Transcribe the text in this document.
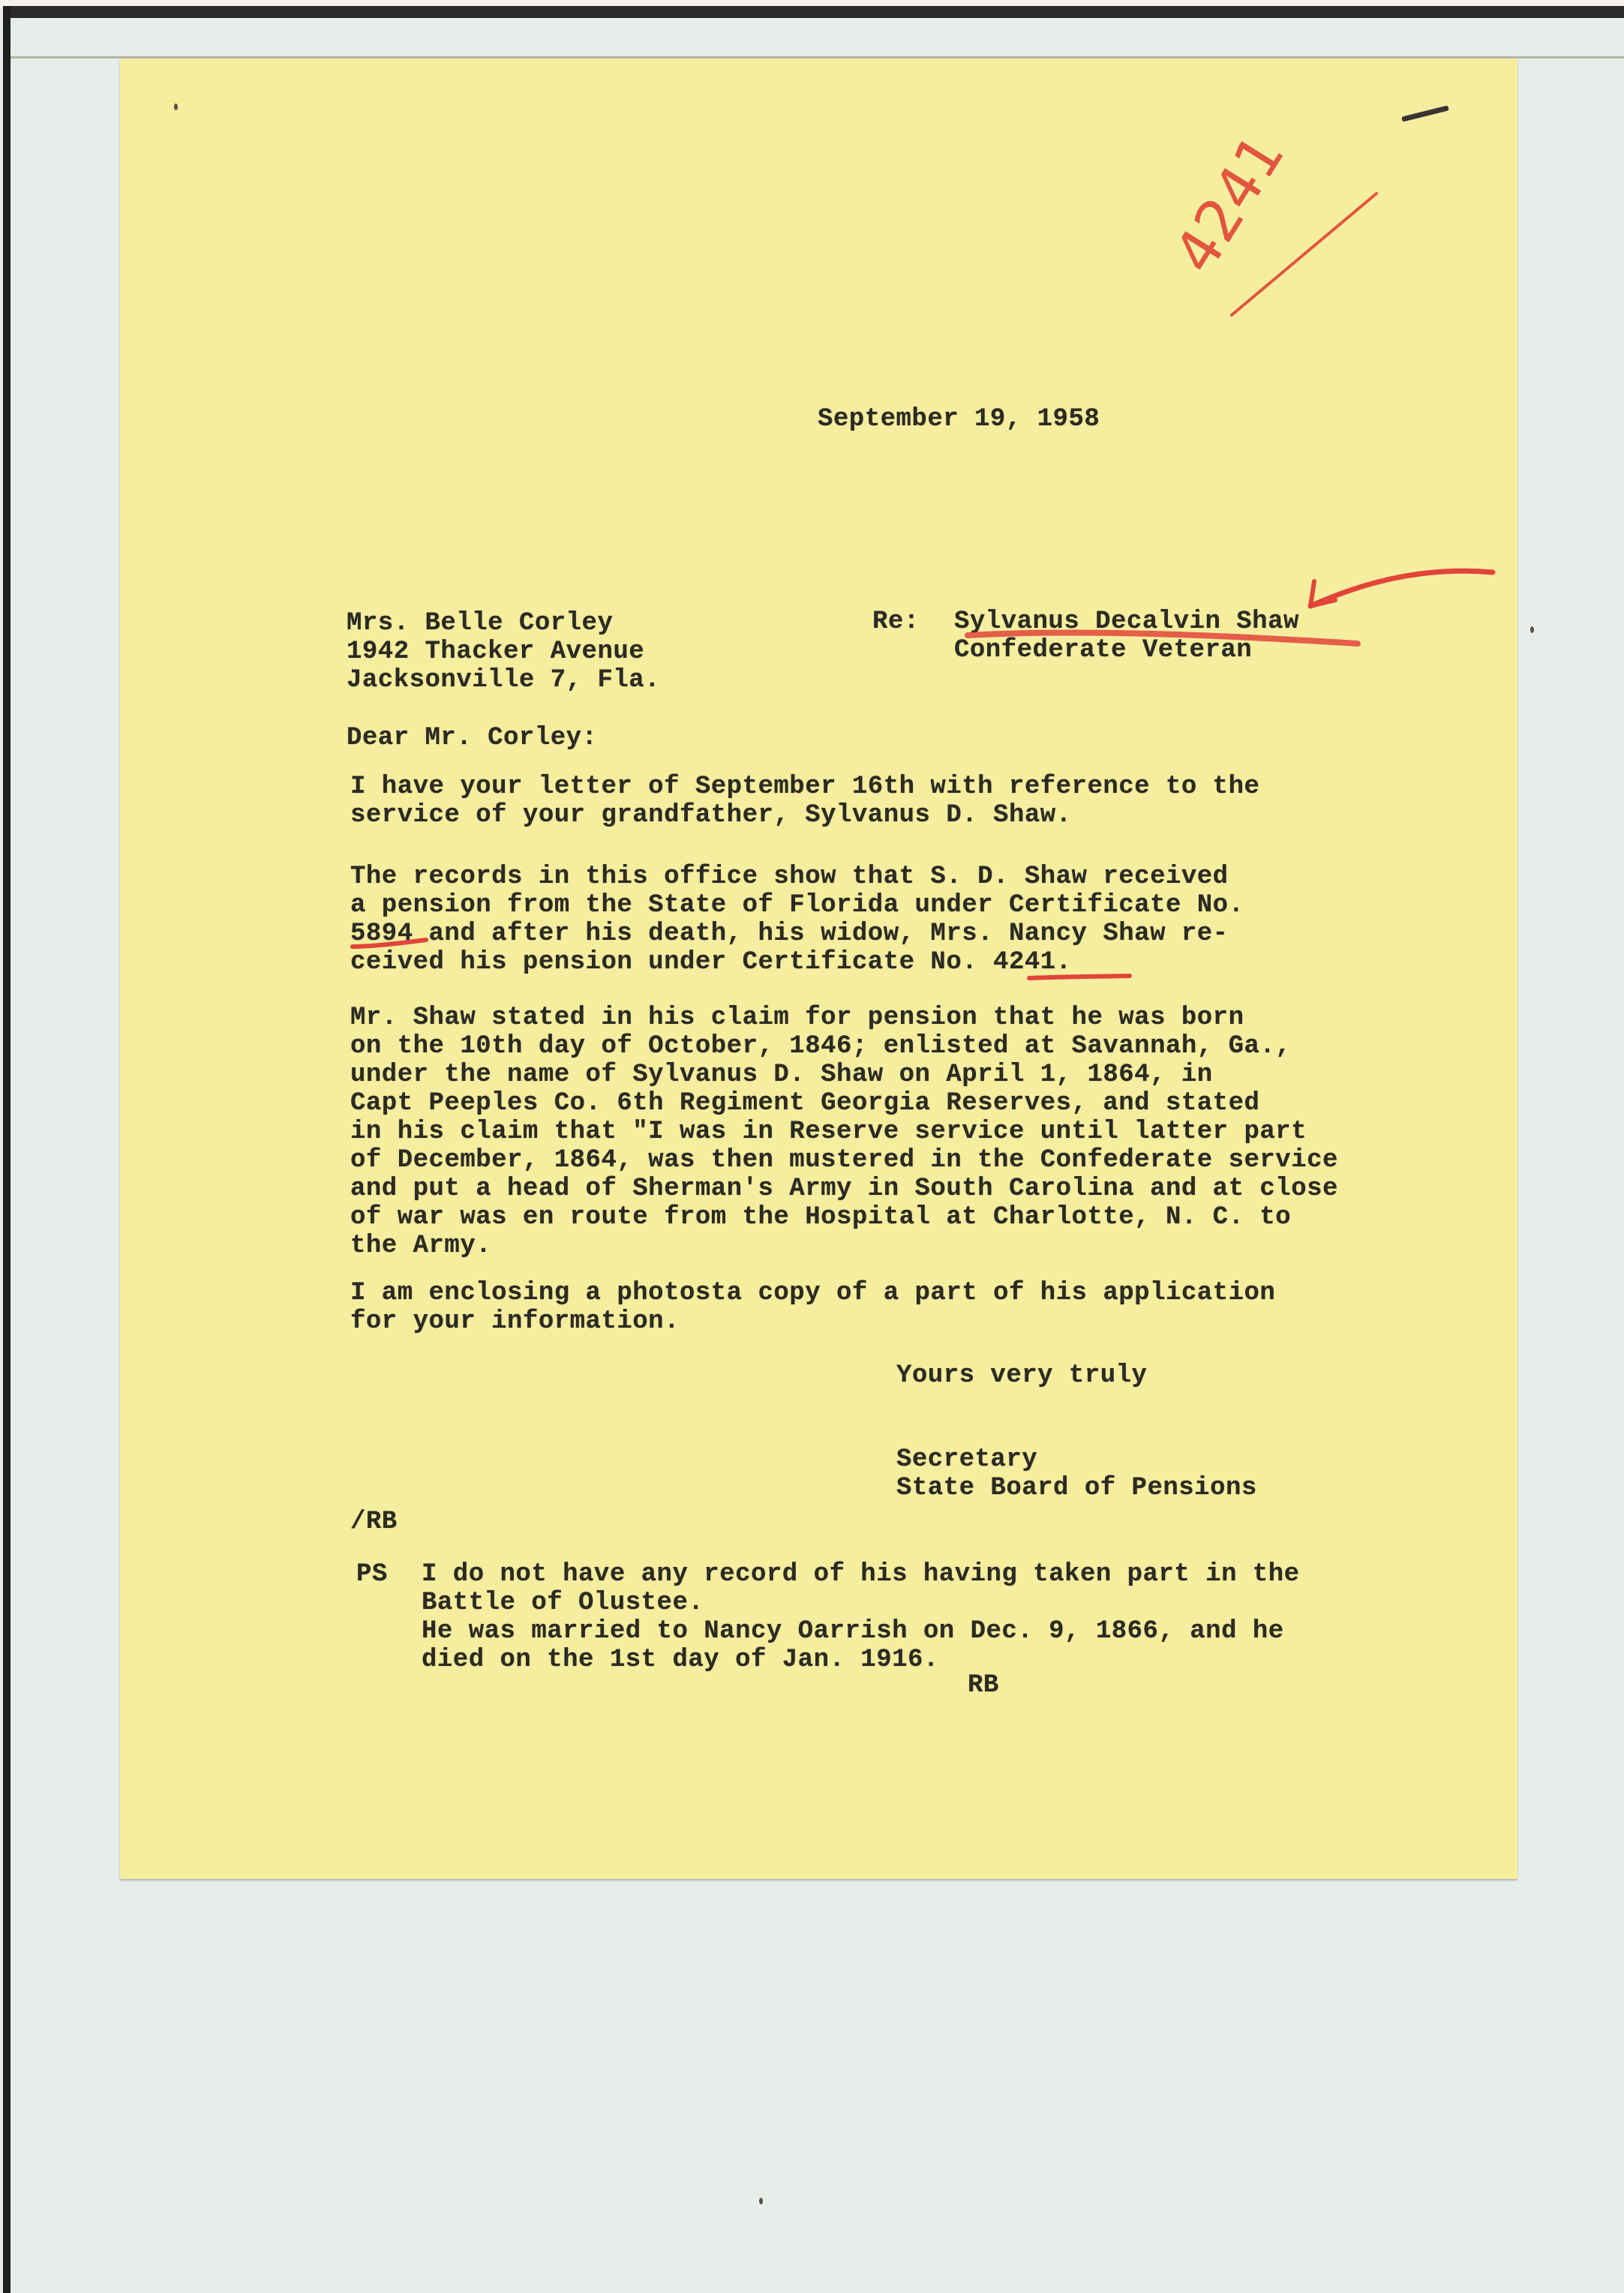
September 19, 1958
Mrs. Belle Corley
1942 Thacker Avenue
Jacksonville 7, Fla.
Re: Sylvanus Decalvin Shaw
Confederate Veteran
Dear Mr. Corley:
I have your letter of September 16th with reference to the
service of your grandfather, Sylvanus D. Shaw.
The records in this office show that S. D. Shaw received
a pension from the State of Florida under Certificate No.
5894 and after his death, his widow, Mrs. Nancy Shaw re-
ceived his pension under Certificate No. 4241.
Mr. Shaw stated in his claim for pension that he was born
on the 10th day of October, 1846; enlisted at Savannah, Ga.,
under the name of Sylvanus D. Shaw on April 1, 1864, in
Capt Peeples Co. 6th Regiment Georgia Reserves, and stated
in his claim that "I was in Reserve service until latter part
of December, 1864, was then mustered in the Confederate service
and put a head of Sherman's Army in South Carolina and at close
of war was en route from the Hospital at Charlotte, N. C. to
the Army.
I am enclosing a photosta copy of a part of his application
for your information.
Yours very truly
Secretary
State Board of Pensions
/RB
PS I do not have any record of his having taken part in the
Battle of Olustee.
He was married to Nancy Oarrish on Dec. 9, 1866, and he
died on the 1st day of Jan. 1916.
RB
4241
